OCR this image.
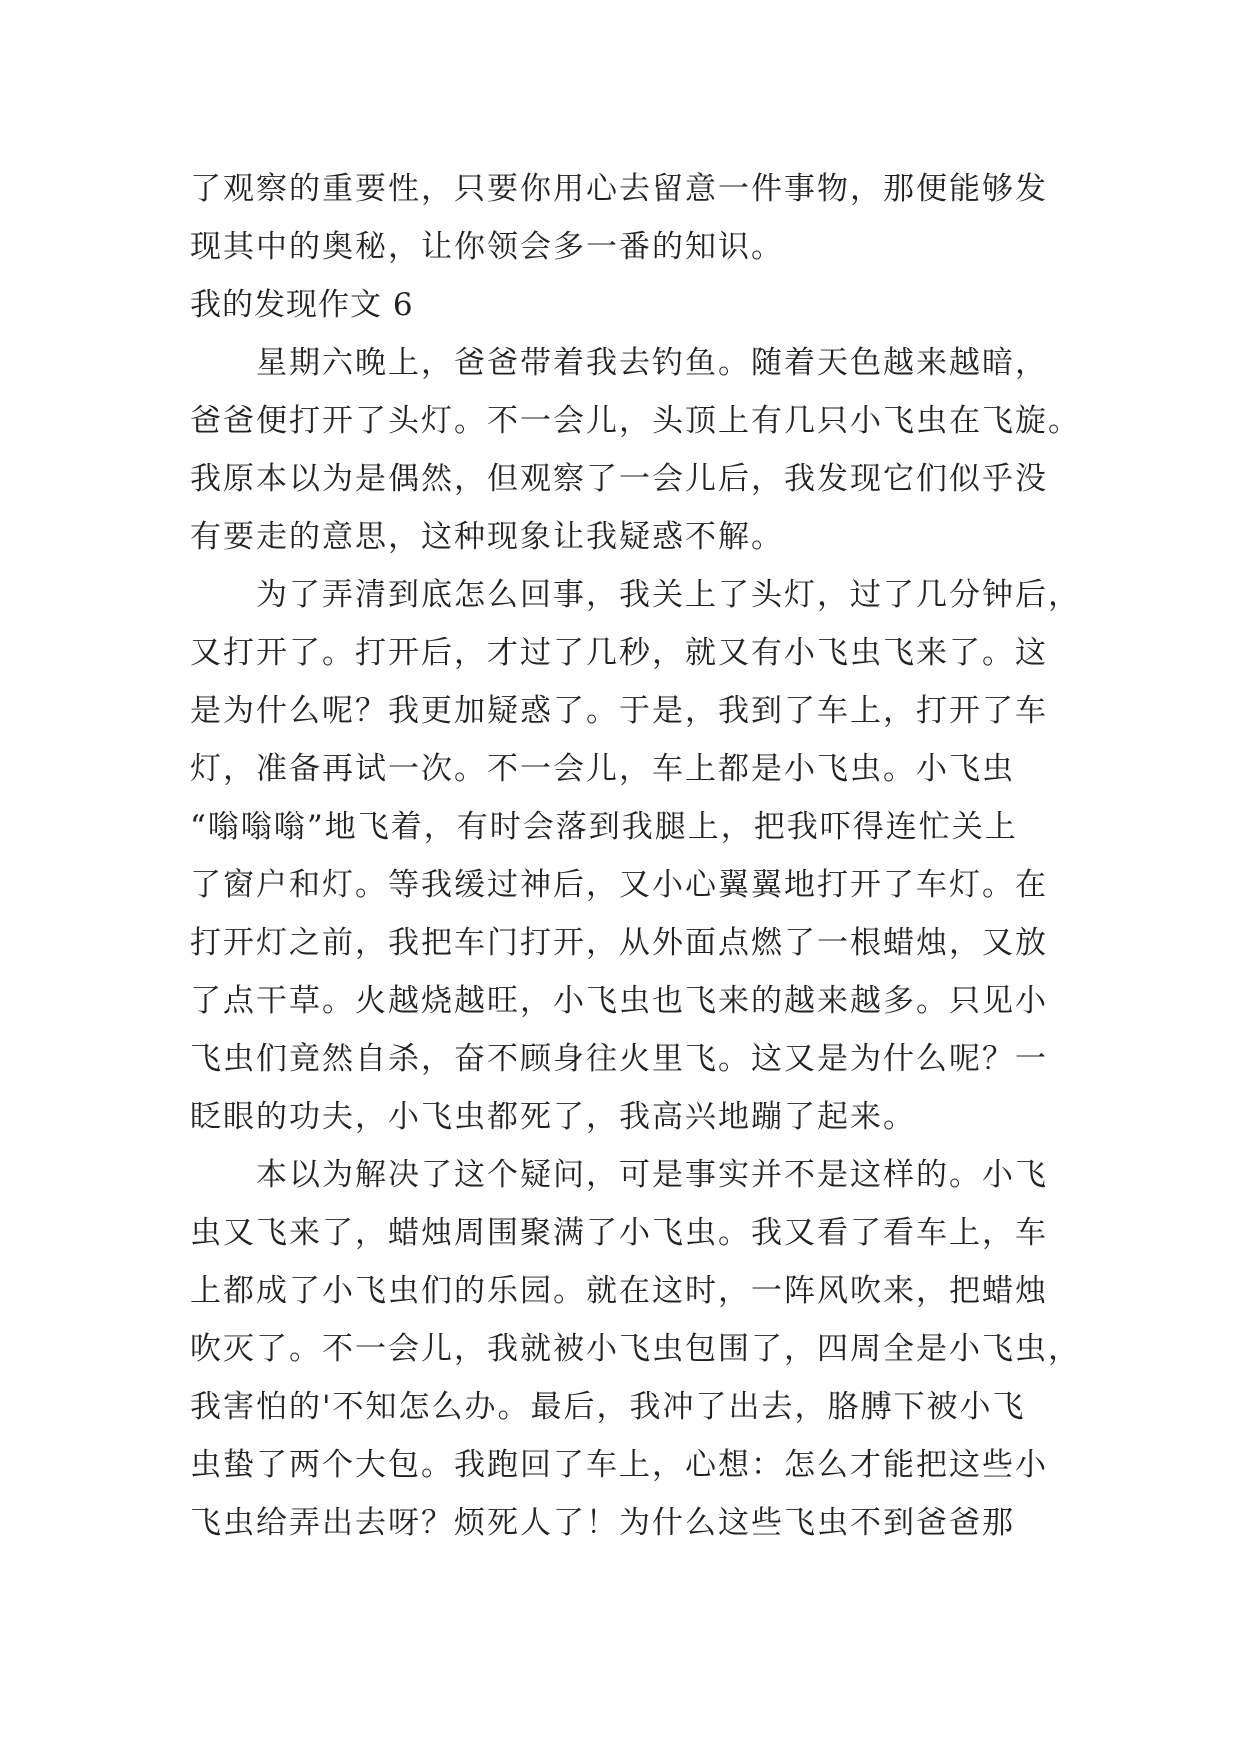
了观察的重要性，只要你用心去留意一件事物，那便能够发
现其中的奥秘，让你领会多一番的知识。
我的发现作文 6
星期六晚上，爸爸带着我去钓鱼。随着天色越来越暗，
爸爸便打开了头灯。不一会儿，头顶上有几只小飞虫在飞旋。
我原本以为是偶然，但观察了一会儿后，我发现它们似乎没
有要走的意思，这种现象让我疑惑不解。
为了弄清到底怎么回事，我关上了头灯，过了几分钟后，
又打开了。打开后，才过了几秒，就又有小飞虫飞来了。这
是为什么呢？我更加疑惑了。于是，我到了车上，打开了车
灯，准备再试一次。不一会儿，车上都是小飞虫。小飞虫
“嗡嗡嗡”地飞着，有时会落到我腿上，把我吓得连忙关上
了窗户和灯。等我缓过神后，又小心翼翼地打开了车灯。在
打开灯之前，我把车门打开，从外面点燃了一根蜡烛，又放
了点干草。火越烧越旺，小飞虫也飞来的越来越多。只见小
飞虫们竟然自杀，奋不顾身往火里飞。这又是为什么呢？一
眨眼的功夫，小飞虫都死了，我高兴地蹦了起来。
本以为解决了这个疑问，可是事实并不是这样的。小飞
虫又飞来了，蜡烛周围聚满了小飞虫。我又看了看车上，车
上都成了小飞虫们的乐园。就在这时，一阵风吹来，把蜡烛
吹灭了。不一会儿，我就被小飞虫包围了，四周全是小飞虫，
我害怕的'不知怎么办。最后，我冲了出去，胳膊下被小飞
虫蛰了两个大包。我跑回了车上，心想：怎么才能把这些小
飞虫给弄出去呀？烦死人了！为什么这些飞虫不到爸爸那
